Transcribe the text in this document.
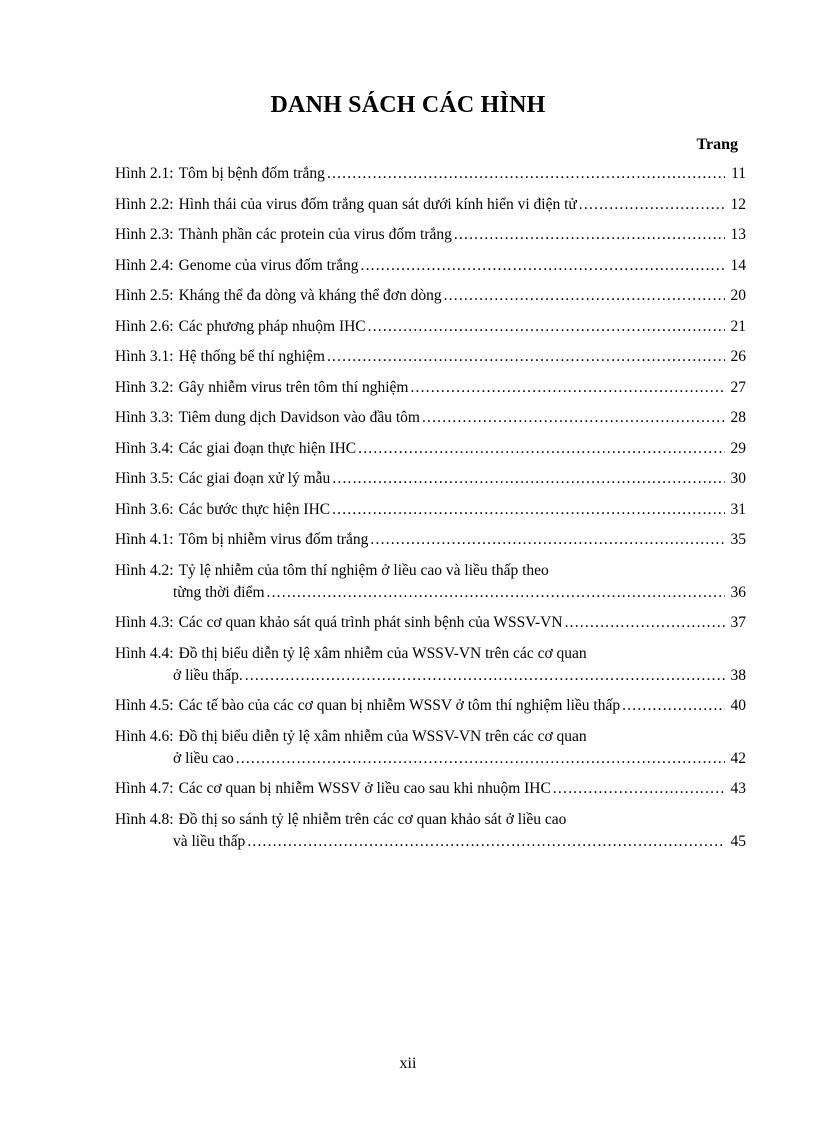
DANH SÁCH CÁC HÌNH
Trang
Hình 2.1: Tôm bị bệnh đốm trắng .....	11
Hình 2.2: Hình thái của virus đốm trắng quan sát dưới kính hiển vi điện tử .....	12
Hình 2.3: Thành phần các protein của virus đốm trắng .....	13
Hình 2.4: Genome của virus đốm trắng .....	14
Hình 2.5: Kháng thể đa dòng và kháng thể đơn dòng .....	20
Hình 2.6: Các phương pháp nhuộm IHC .....	21
Hình 3.1: Hệ thống bể thí nghiệm .....	26
Hình 3.2: Gây nhiễm virus trên tôm thí nghiệm .....	27
Hình 3.3: Tiêm dung dịch Davidson vào đầu tôm .....	28
Hình 3.4: Các giai đoạn thực hiện IHC .....	29
Hình 3.5: Các giai đoạn xử lý mẫu .....	30
Hình 3.6: Các bước thực hiện IHC .....	31
Hình 4.1: Tôm bị nhiễm virus đốm trắng .....	35
Hình 4.2: Tỷ lệ nhiễm của tôm thí nghiệm ở liều cao và liều thấp theo
từng thời điểm .....	36
Hình 4.3: Các cơ quan khảo sát quá trình phát sinh bệnh của WSSV-VN .....	37
Hình 4.4: Đồ thị biểu diễn tỷ lệ xâm nhiễm của WSSV-VN trên các cơ quan
ở liều thấp. .....	38
Hình 4.5: Các tế bào của các cơ quan bị nhiễm WSSV ở tôm thí nghiệm liều thấp .....	40
Hình 4.6: Đồ thị biểu diễn tỷ lệ xâm nhiễm của WSSV-VN trên các cơ quan
ở liều cao .....	42
Hình 4.7: Các cơ quan bị nhiễm WSSV ở liều cao sau khi nhuộm IHC .....	43
Hình 4.8: Đồ thị so sánh tỷ lệ nhiễm trên các cơ quan khảo sát ở liều cao
và liều thấp .....	45
xii
